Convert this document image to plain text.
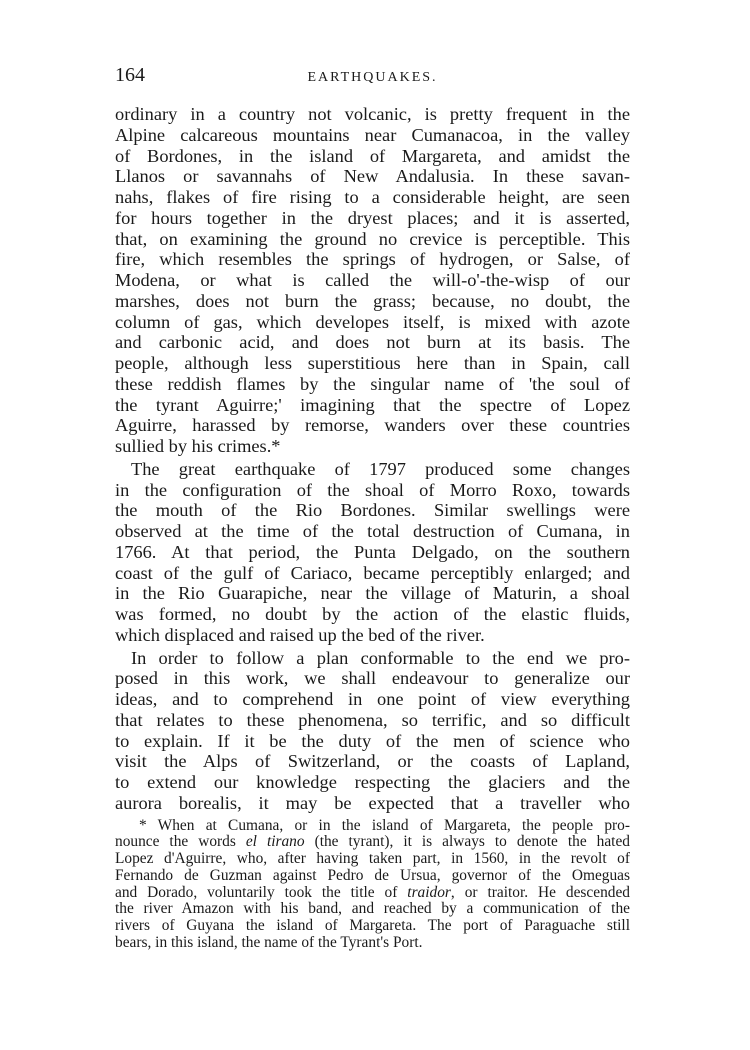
164	EARTHQUAKES.
ordinary in a country not volcanic, is pretty frequent in the
Alpine calcareous mountains near Cumanacoa, in the valley
of Bordones, in the island of Margareta, and amidst the
Llanos or savannahs of New Andalusia. In these savan-
nahs, flakes of fire rising to a considerable height, are seen
for hours together in the dryest places; and it is asserted,
that, on examining the ground no crevice is perceptible. This
fire, which resembles the springs of hydrogen, or Salse, of
Modena, or what is called the will-o'-the-wisp of our
marshes, does not burn the grass; because, no doubt, the
column of gas, which developes itself, is mixed with azote
and carbonic acid, and does not burn at its basis. The
people, although less superstitious here than in Spain, call
these reddish flames by the singular name of 'the soul of
the tyrant Aguirre;' imagining that the spectre of Lopez
Aguirre, harassed by remorse, wanders over these countries
sullied by his crimes.*
The great earthquake of 1797 produced some changes
in the configuration of the shoal of Morro Roxo, towards
the mouth of the Rio Bordones. Similar swellings were
observed at the time of the total destruction of Cumana, in
1766. At that period, the Punta Delgado, on the southern
coast of the gulf of Cariaco, became perceptibly enlarged; and
in the Rio Guarapiche, near the village of Maturin, a shoal
was formed, no doubt by the action of the elastic fluids,
which displaced and raised up the bed of the river.
In order to follow a plan conformable to the end we pro-
posed in this work, we shall endeavour to generalize our
ideas, and to comprehend in one point of view everything
that relates to these phenomena, so terrific, and so difficult
to explain. If it be the duty of the men of science who
visit the Alps of Switzerland, or the coasts of Lapland,
to extend our knowledge respecting the glaciers and the
aurora borealis, it may be expected that a traveller who
* When at Cumana, or in the island of Margareta, the people pro-
nounce the words el tirano (the tyrant), it is always to denote the hated
Lopez d'Aguirre, who, after having taken part, in 1560, in the revolt of
Fernando de Guzman against Pedro de Ursua, governor of the Omeguas
and Dorado, voluntarily took the title of traidor, or traitor. He descended
the river Amazon with his band, and reached by a communication of the
rivers of Guyana the island of Margareta. The port of Paraguache still
bears, in this island, the name of the Tyrant's Port.
